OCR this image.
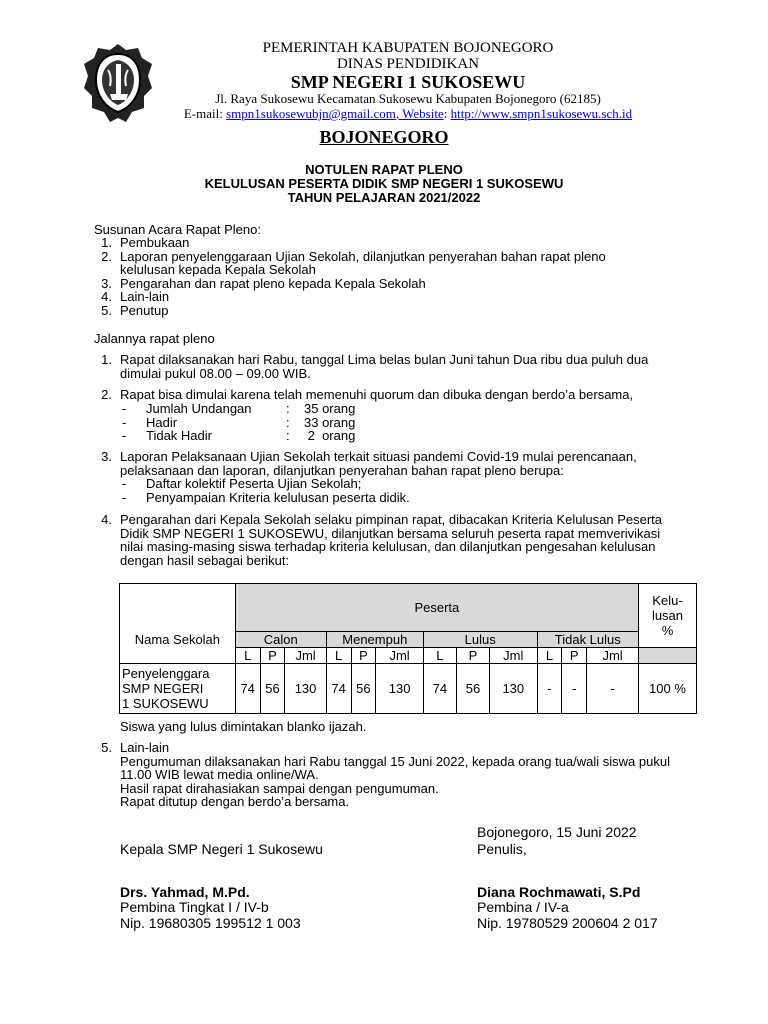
PEMERINTAH KABUPATEN BOJONEGORO
DINAS PENDIDIKAN
SMP NEGERI 1 SUKOSEWU
Jl. Raya Sukosewu Kecamatan Sukosewu Kabupaten Bojonegoro (62185)
E-mail: smpn1sukosewubjn@gmail.com, Website: http://www.smpn1sukosewu.sch.id
BOJONEGORO
NOTULEN RAPAT PLENO
KELULUSAN PESERTA DIDIK SMP NEGERI 1 SUKOSEWU
TAHUN PELAJARAN 2021/2022
Susunan Acara Rapat Pleno:
1. Pembukaan
2. Laporan penyelenggaraan Ujian Sekolah, dilanjutkan penyerahan bahan rapat pleno kelulusan kepada Kepala Sekolah
3. Pengarahan dan rapat pleno kepada Kepala Sekolah
4. Lain-lain
5. Penutup
Jalannya rapat pleno
1. Rapat dilaksanakan hari Rabu, tanggal Lima belas bulan Juni tahun Dua ribu dua puluh dua dimulai pukul 08.00 – 09.00 WIB.
2. Rapat bisa dimulai karena telah memenuhi quorum dan dibuka dengan berdo’a bersama,
- Jumlah Undangan	: 35 orang
- Hadir	: 33 orang
- Tidak Hadir	: 2  orang
3. Laporan Pelaksanaan Ujian Sekolah terkait situasi pandemi Covid-19 mulai perencanaan, pelaksanaan dan laporan, dilanjutkan penyerahan bahan rapat pleno berupa:
- Daftar kolektif Peserta Ujian Sekolah;
- Penyampaian Kriteria kelulusan peserta didik.
4. Pengarahan dari Kepala Sekolah selaku pimpinan rapat, dibacakan Kriteria Kelulusan Peserta Didik SMP NEGERI 1 SUKOSEWU, dilanjutkan bersama seluruh peserta rapat memverivikasi nilai masing-masing siswa terhadap kriteria kelulusan, dan dilanjutkan pengesahan kelulusan dengan hasil sebagai berikut:
Nama Sekolah	Peserta												Kelu-
lusan
%
	Calon			Menempuh			Lulus			Tidak Lulus			
	L	P	Jml	L	P	Jml	L	P	Jml	L	P	Jml	
Penyelenggara
SMP NEGERI
1 SUKOSEWU	74	56	130	74	56	130	74	56	130	-	-	-	100 %
Siswa yang lulus dimintakan blanko ijazah.
5. Lain-lain
Pengumuman dilaksanakan hari Rabu tanggal 15 Juni 2022, kepada orang tua/wali siswa pukul 11.00 WIB lewat media online/WA.
Hasil rapat dirahasiakan sampai dengan pengumuman.
Rapat ditutup dengan berdo’a bersama.
Bojonegoro, 15 Juni 2022
Kepala SMP Negeri 1 Sukosewu	Penulis,
Drs. Yahmad, M.Pd.	Diana Rochmawati, S.Pd
Pembina Tingkat I / IV-b	Pembina / IV-a
Nip. 19680305 199512 1 003	Nip. 19780529 200604 2 017
